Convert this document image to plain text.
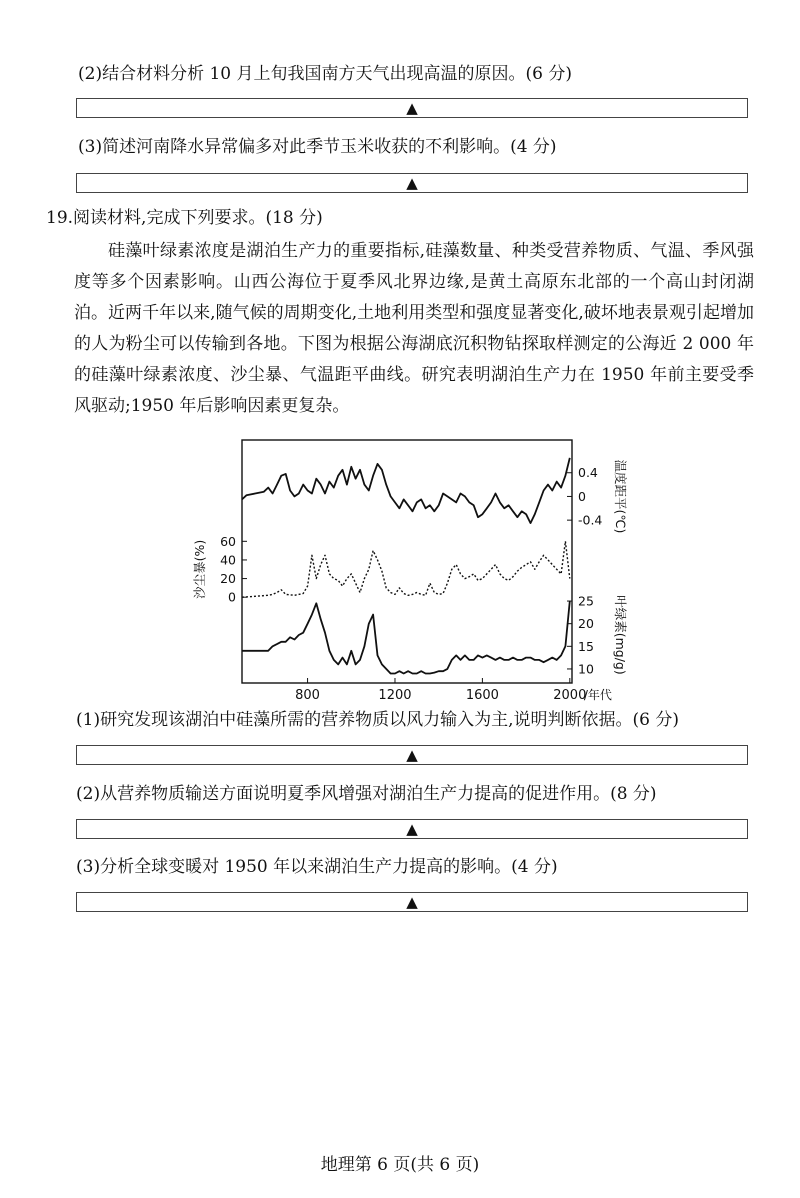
(2)结合材料分析 10 月上旬我国南方天气出现高温的原因。(6 分)
▲
(3)简述河南降水异常偏多对此季节玉米收获的不利影响。(4 分)
▲
19.阅读材料,完成下列要求。(18 分)

硅藻叶绿素浓度是湖泊生产力的重要指标,硅藻数量、种类受营养物质、气温、季风强度等多个因素影响。山西公海位于夏季风北界边缘,是黄土高原东北部的一个高山封闭湖泊。近两千年以来,随气候的周期变化,土地利用类型和强度显著变化,破坏地表景观引起增加的人为粉尘可以传输到各地。下图为根据公海湖底沉积物钻探取样测定的公海近 2 000 年的硅藻叶绿素浓度、沙尘暴、气温距平曲线。研究表明湖泊生产力在 1950 年前主要受季风驱动;1950 年后影响因素更复杂。

800	1200	1600	2000
/年代
0.4
0
-0.4 温度距平(℃)
60
40
20
0
沙尘暴(%)
25
20
15
10 叶绿素(mg/g)
(1)研究发现该湖泊中硅藻所需的营养物质以风力输入为主,说明判断依据。(6 分)
▲
(2)从营养物质输送方面说明夏季风增强对湖泊生产力提高的促进作用。(8 分)
▲
(3)分析全球变暖对 1950 年以来湖泊生产力提高的影响。(4 分)
▲
地理第 6 页(共 6 页)
